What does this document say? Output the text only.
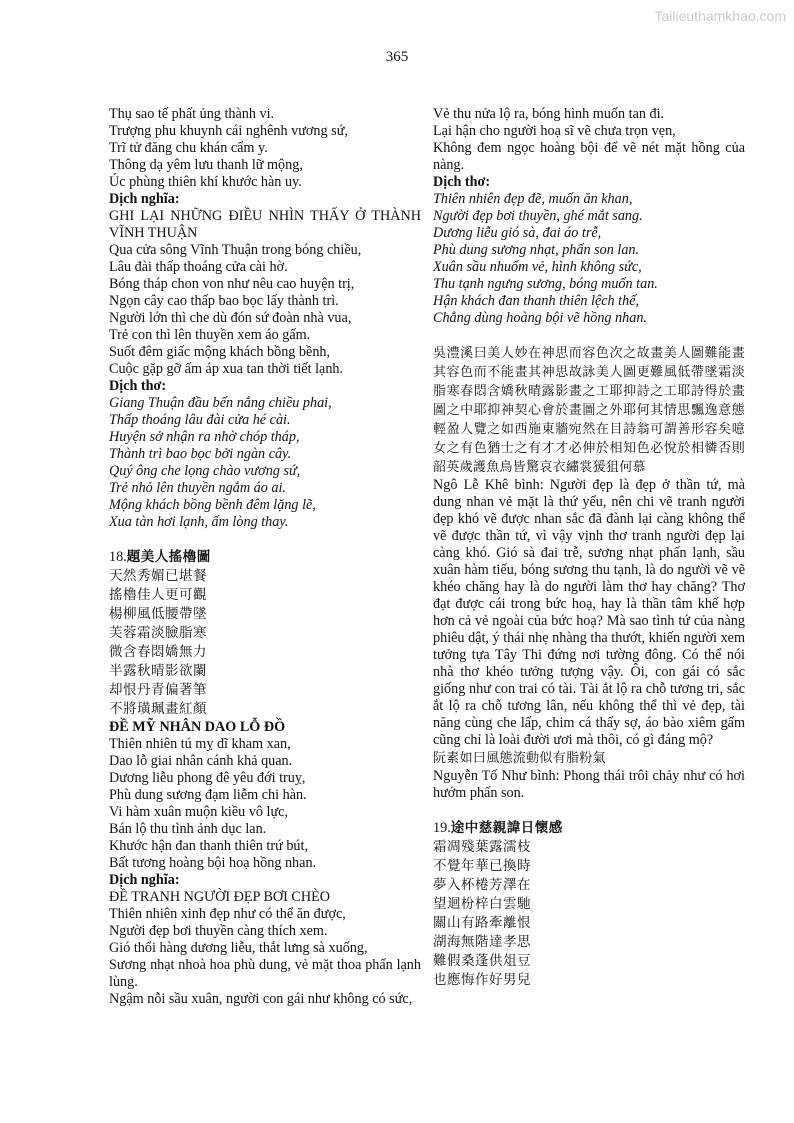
Tailieuthamkhao.com
365
Thụ sao tế phất ủng thành vi.
Trượng phu khuynh cái nghênh vương sứ,
Trĩ tử đăng chu khán cẩm y.
Thông dạ yêm lưu thanh lữ mộng,
Úc phùng thiên khí khước hàn uy.
Dịch nghĩa:
GHI LẠI NHỮNG ĐIỀU NHÌN THẤY Ở THÀNH VĨNH THUẬN
Qua cửa sông Vĩnh Thuận trong bóng chiều,
Lâu đài thấp thoáng cửa cài hờ.
Bóng tháp chon von như nêu cao huyện trị,
Ngọn cây cao thấp bao bọc lấy thành trì.
Người lớn thì che dù đón sứ đoàn nhà vua,
Trẻ con thì lên thuyền xem áo gấm.
Suốt đêm giấc mộng khách bồng bềnh,
Cuộc gặp gỡ ấm áp xua tan thời tiết lạnh.
Dịch thơ:
Giang Thuận đầu bến nắng chiều phai,
Thấp thoáng lâu đài cửa hé cài.
Huyện sở nhận ra nhờ chóp tháp,
Thành trì bao bọc bởi ngàn cây.
Quý ông che lọng chào vương sứ,
Trẻ nhỏ lên thuyền ngắm áo ai.
Mộng khách bồng bềnh đêm lặng lẽ,
Xua tàn hơi lạnh, ấm lòng thay.
18.題美人搖櫓圖
天然秀媚已堪餐
搖櫓佳人更可觀
楊柳風低腰帶墜
芙蓉霜淡臉脂寒
微含春悶嬌無力
半露秋晴影欲闌
却恨丹青偏著筆
不將璜珮畫紅顏
ĐỀ MỸ NHÂN DAO LỖ ĐỒ
Thiên nhiên tú mỵ dĩ kham xan,
Dao lỗ giai nhân cánh khả quan.
Dương liễu phong đê yêu đới truỵ,
Phù dung sương đạm liễm chi hàn.
Vi hàm xuân muộn kiều vô lực,
Bán lộ thu tình ảnh dục lan.
Khước hận đan thanh thiên trứ bút,
Bất tương hoàng bội hoạ hồng nhan.
Dịch nghĩa:
ĐỀ TRANH NGƯỜI ĐẸP BƠI CHÈO
Thiên nhiên xinh đẹp như có thể ăn được,
Người đẹp bơi thuyền càng thích xem.
Gió thổi hàng dương liễu, thắt lưng sà xuống,
Sương nhạt nhoà hoa phù dung, vẻ mặt thoa phấn lạnh lùng.
Ngậm nỗi sầu xuân, người con gái như không có sức,
Vẻ thu nửa lộ ra, bóng hình muốn tan đi.
Lại hận cho người hoạ sĩ vẽ chưa trọn vẹn,
Không đem ngọc hoàng bội để vẽ nét mặt hồng của nàng.
Dịch thơ:
Thiên nhiên đẹp đẽ, muốn ăn khan,
Người đẹp bơi thuyền, ghé mắt sang.
Dương liễu gió sà, đai áo trễ,
Phù dung sương nhạt, phấn son lan.
Xuân sầu nhuốm vẻ, hình không sức,
Thu tạnh ngưng sương, bóng muốn tan.
Hận khách đan thanh thiên lệch thế,
Chẳng dùng hoàng bội vẽ hồng nhan.
吳澧溪曰美人妙在神思而容色次之故畫美人圖難能畫其容色而不能畫其神思故詠美人圖更難風低帶墜霜淡脂寒春悶含嬌秋晴露影畫之工耶抑詩之工耶詩得於畫圖之中耶抑神契心會於畫圖之外耶何其情思飄逸意態輕盈人覽之如西施東牆宛然在目詩翁可謂善形容矣噫女之有色猶士之有才才必伸於相知色必悅於相憐否則韶英歲護魚鳥皆驚哀衣繡裳猨狙何慕
Ngô Lễ Khê bình: Người đẹp là đẹp ở thần tứ, mà dung nhan vẻ mặt là thứ yếu, nên chi vẽ tranh người đẹp khó vẽ được nhan sắc đã đành lại càng không thể vẽ được thần tứ, vì vậy vịnh thơ tranh người đẹp lại càng khó. Gió sà đai trễ, sương nhạt phấn lạnh, sầu xuân hàm tiếu, bóng sương thu tạnh, là do người vẽ vẽ khéo chăng hay là do người làm thơ hay chăng? Thơ đạt được cái trong bức hoạ, hay là thần tâm khế hợp hơn cả vẻ ngoài của bức hoạ? Mà sao tình tứ của nàng phiêu dật, ý thái nhẹ nhàng tha thướt, khiến người xem tưởng tựa Tây Thi đứng nơi tường đông. Có thể nói nhà thơ khéo tưởng tượng vậy. Ôi, con gái có sắc giống như con trai có tài. Tài ắt lộ ra chỗ tương tri, sắc ắt lộ ra chỗ tương lân, nếu không thể thì vẻ đẹp, tài năng cùng che lấp, chim cá thấy sợ, áo bào xiêm gấm cũng chỉ là loài đười ươi mà thôi, có gì đáng mộ?
阮素如曰風態流動似有脂粉氣
Nguyễn Tố Như bình: Phong thái trôi chảy như có hơi hướm phấn son.
19.途中慈親諱日懷感
霜凋殘葉露濡枝
不覺年華已換時
夢入杯棬芳澤在
望迴枌梓白雲馳
關山有路牽離恨
湖海無階達孝思
難假桑蓬供俎豆
也應悔作好男兒
